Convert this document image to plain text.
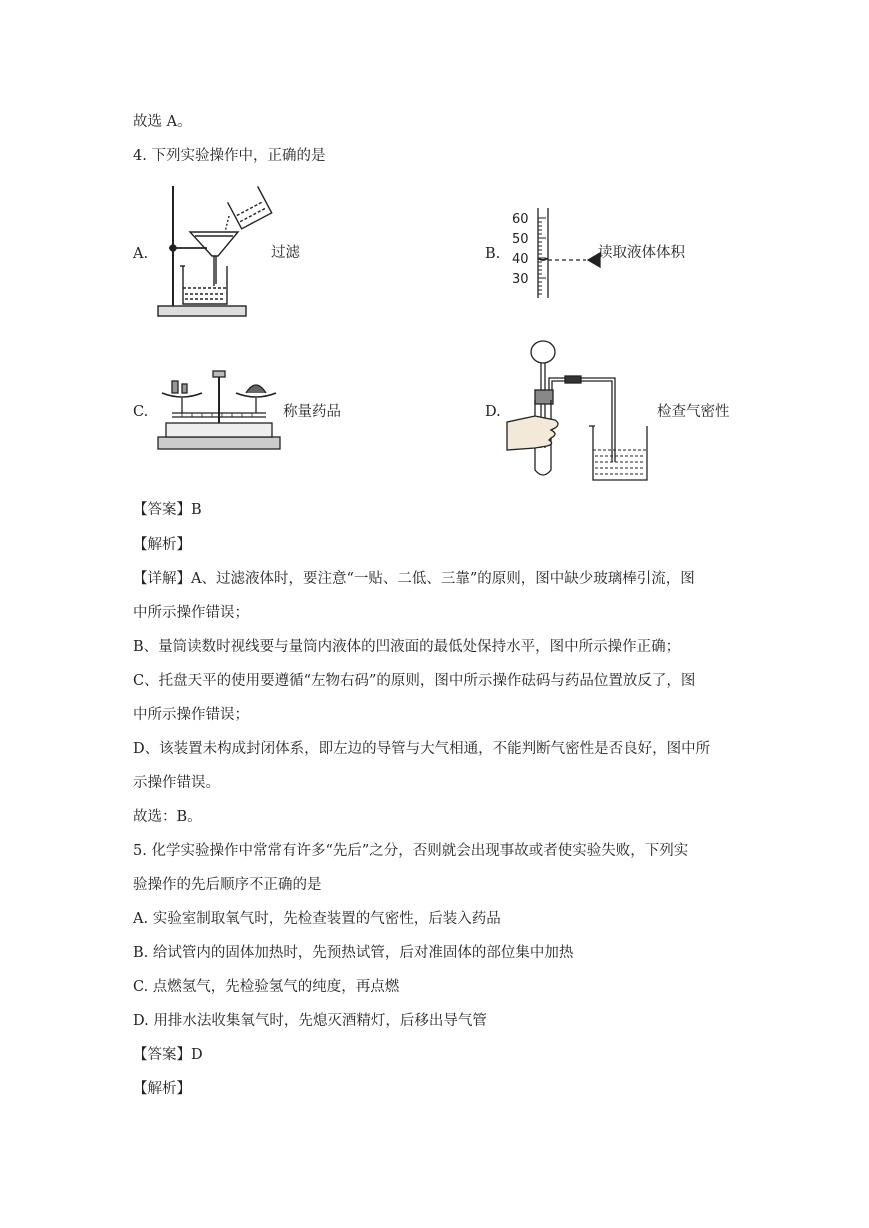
故选 A。
4. 下列实验操作中，正确的是
A.	过滤	B.
60
50
40
30
读取液体体积
C.	称量药品	D.	检查气密性
【答案】B
【解析】
【详解】A、过滤液体时，要注意“一贴、二低、三靠”的原则，图中缺少玻璃棒引流，图
中所示操作错误；
B、量筒读数时视线要与量筒内液体的凹液面的最低处保持水平，图中所示操作正确；
C、托盘天平的使用要遵循“左物右码”的原则，图中所示操作砝码与药品位置放反了，图
中所示操作错误；
D、该装置未构成封闭体系，即左边的导管与大气相通，不能判断气密性是否良好，图中所
示操作错误。
故选：B。
5. 化学实验操作中常常有许多“先后”之分，否则就会出现事故或者使实验失败，下列实
验操作的先后顺序不正确的是
A. 实验室制取氧气时，先检查装置的气密性，后装入药品
B. 给试管内的固体加热时，先预热试管，后对准固体的部位集中加热
C. 点燃氢气，先检验氢气的纯度，再点燃
D. 用排水法收集氧气时，先熄灭酒精灯，后移出导气管
【答案】D
【解析】
